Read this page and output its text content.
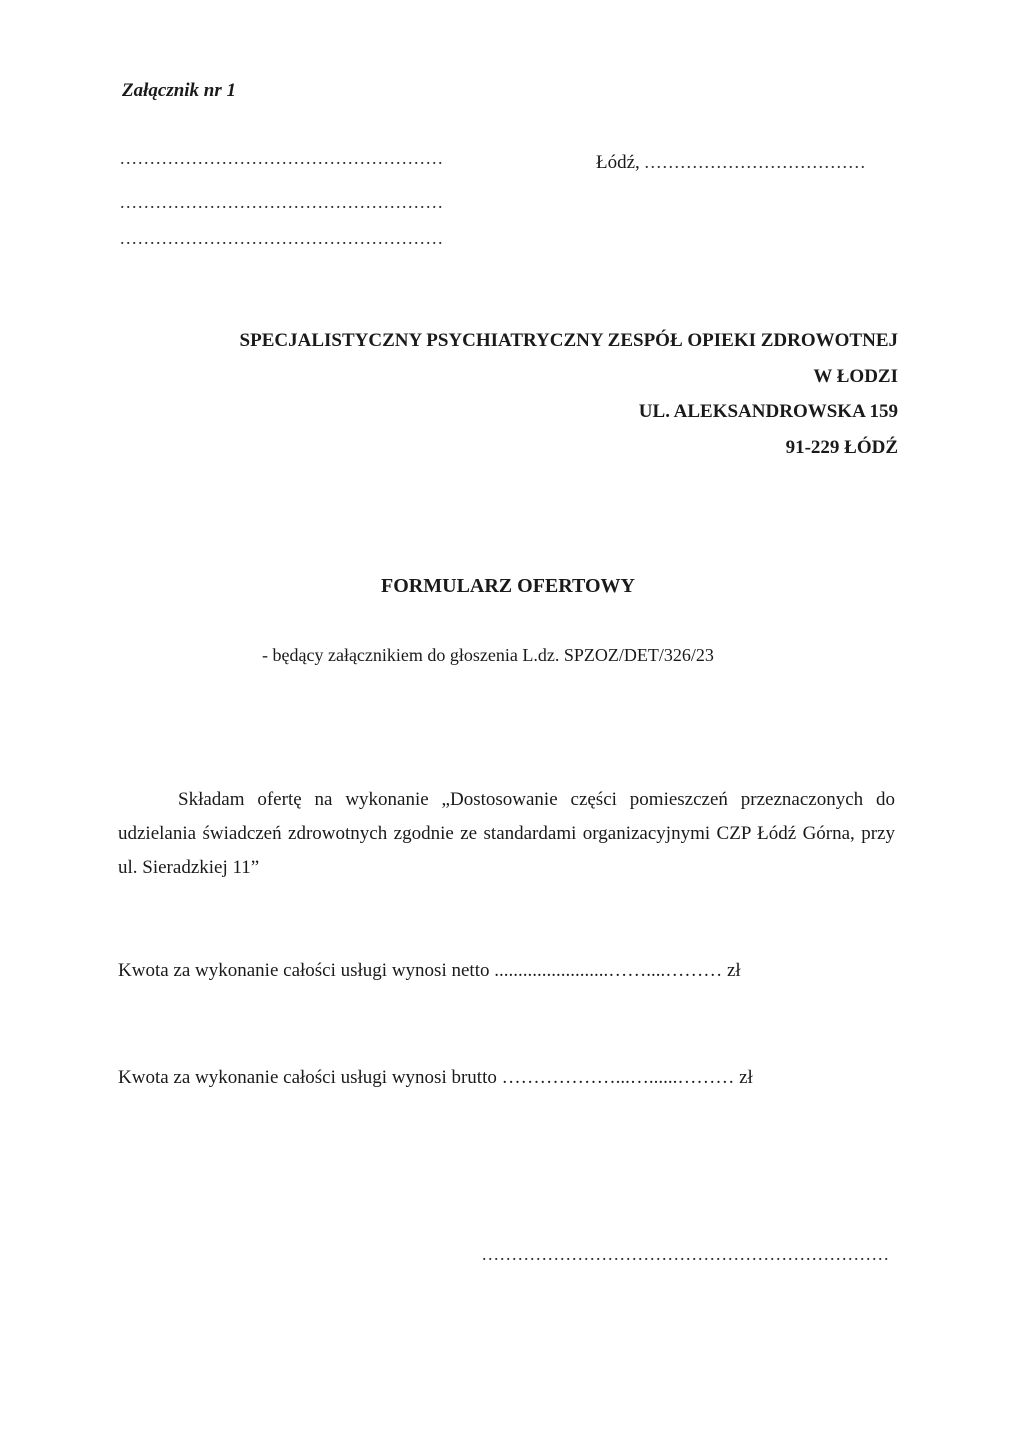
Załącznik nr 1
......................................................
......................................................
......................................................
Łódź, .....................................
SPECJALISTYCZNY PSYCHIATRYCZNY ZESPÓŁ OPIEKI ZDROWOTNEJ
W ŁODZI
UL. ALEKSANDROWSKA 159
91-229 ŁÓDŹ
FORMULARZ OFERTOWY
- będący załącznikiem do głoszenia L.dz. SPZOZ/DET/326/23
Składam ofertę na wykonanie „Dostosowanie części pomieszczeń przeznaczonych do udzielania świadczeń zdrowotnych zgodnie ze standardami organizacyjnymi CZP Łódź Górna, przy ul. Sieradzkiej 11”
Kwota za wykonanie całości usługi wynosi netto ........................……....……… zł
Kwota za wykonanie całości usługi wynosi brutto ………………...…......……… zł
....................................................................
